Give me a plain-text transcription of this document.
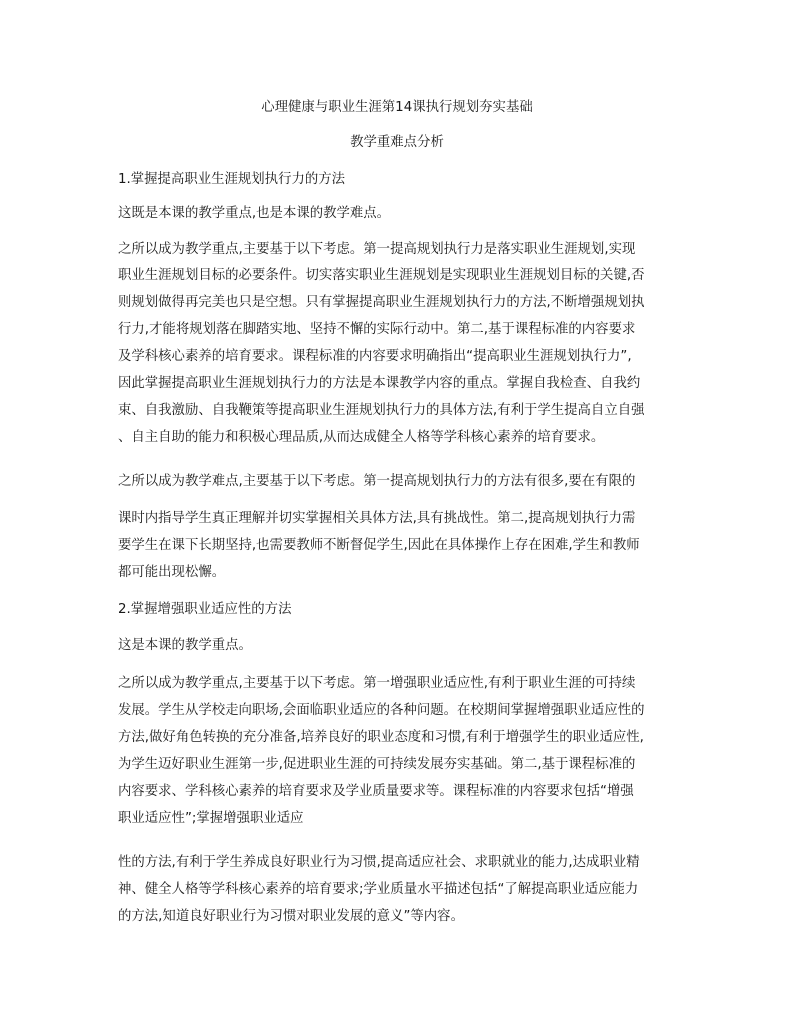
心理健康与职业生涯第14课执行规划夯实基础
教学重难点分析

1.掌握提高职业生涯规划执行力的方法

这既是本课的教学重点,也是本课的教学难点。

之所以成为教学重点,主要基于以下考虑。第一提高规划执行力是落实职业生涯规划,实现

职业生涯规划目标的必要条件。切实落实职业生涯规划是实现职业生涯规划目标的关键,否

则规划做得再完美也只是空想。只有掌握提高职业生涯规划执行力的方法,不断增强规划执

行力,才能将规划落在脚踏实地、坚持不懈的实际行动中。第二,基于课程标准的内容要求

及学科核心素养的培育要求。课程标准的内容要求明确指出“提高职业生涯规划执行力”,

因此掌握提高职业生涯规划执行力的方法是本课教学内容的重点。掌握自我检查、自我约

束、自我激励、自我鞭策等提高职业生涯规划执行力的具体方法,有利于学生提高自立自强

、自主自助的能力和积极心理品质,从而达成健全人格等学科核心素养的培育要求。

之所以成为教学难点,主要基于以下考虑。第一提高规划执行力的方法有很多,要在有限的

课时内指导学生真正理解并切实掌握相关具体方法,具有挑战性。第二,提高规划执行力需

要学生在课下长期坚持,也需要教师不断督促学生,因此在具体操作上存在困难,学生和教师

都可能出现松懈。

2.掌握增强职业适应性的方法

这是本课的教学重点。

之所以成为教学重点,主要基于以下考虑。第一增强职业适应性,有利于职业生涯的可持续

发展。学生从学校走向职场,会面临职业适应的各种问题。在校期间掌握增强职业适应性的

方法,做好角色转换的充分准备,培养良好的职业态度和习惯,有利于增强学生的职业适应性,

为学生迈好职业生涯第一步,促进职业生涯的可持续发展夯实基础。第二,基于课程标准的

内容要求、学科核心素养的培育要求及学业质量要求等。课程标准的内容要求包括“增强

职业适应性”;掌握增强职业适应

性的方法,有利于学生养成良好职业行为习惯,提高适应社会、求职就业的能力,达成职业精

神、健全人格等学科核心素养的培育要求;学业质量水平描述包括“了解提高职业适应能力

的方法,知道良好职业行为习惯对职业发展的意义”等内容。
